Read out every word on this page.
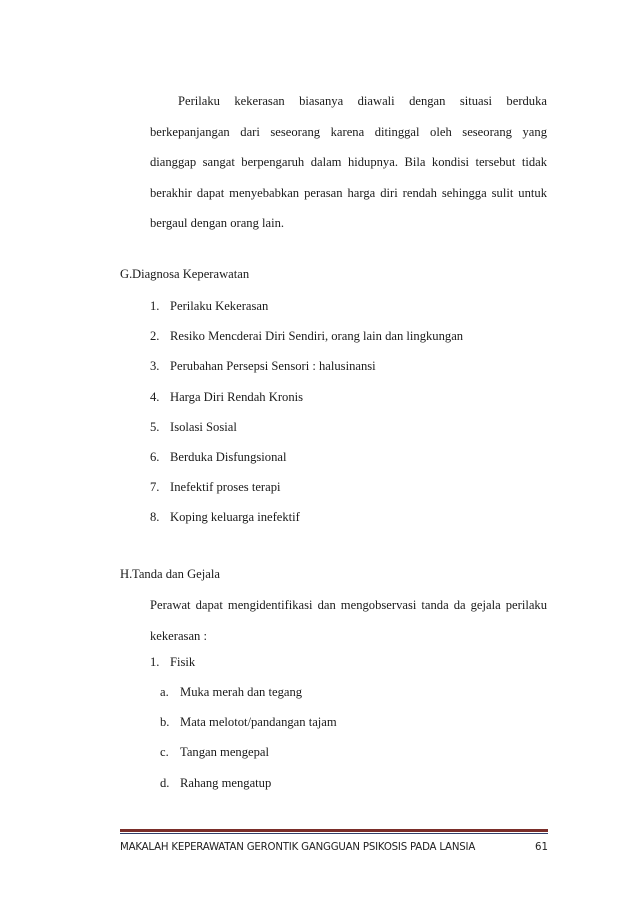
Perilaku kekerasan biasanya diawali dengan situasi berduka
berkepanjangan dari seseorang karena ditinggal oleh seseorang yang
dianggap sangat berpengaruh dalam hidupnya. Bila kondisi tersebut tidak
berakhir dapat menyebabkan perasan harga diri rendah sehingga sulit untuk
bergaul dengan orang lain.
G.Diagnosa Keperawatan
1. Perilaku Kekerasan
2. Resiko Mencderai Diri Sendiri, orang lain dan lingkungan
3. Perubahan Persepsi Sensori : halusinansi
4. Harga Diri Rendah Kronis
5. Isolasi Sosial
6. Berduka Disfungsional
7. Inefektif proses terapi
8. Koping keluarga inefektif
H.Tanda dan Gejala
Perawat dapat mengidentifikasi dan mengobservasi tanda da gejala perilaku
kekerasan :
1. Fisik
a. Muka merah dan tegang
b. Mata melotot/pandangan tajam
c. Tangan mengepal
d. Rahang mengatup
MAKALAH KEPERAWATAN GERONTIK GANGGUAN PSIKOSIS PADA LANSIA	61
